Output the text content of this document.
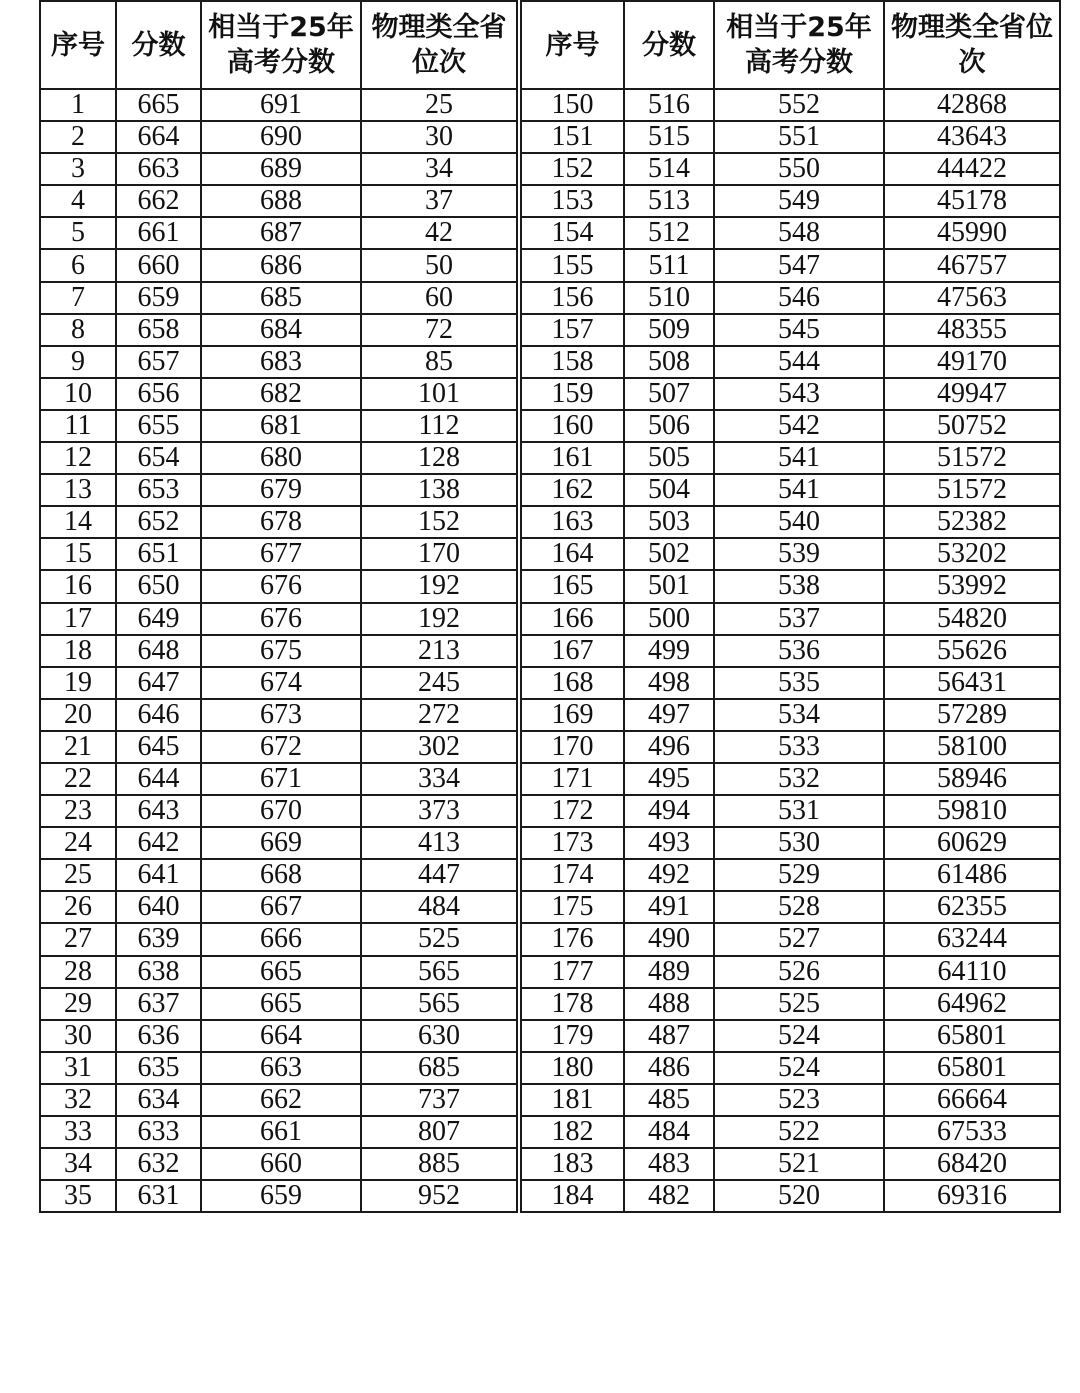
序号	分数	相当于25年高考分数	物理类全省位次	序号	分数	相当于25年高考分数	物理类全省位次
1	665	691	25	150	516	552	42868
2	664	690	30	151	515	551	43643
3	663	689	34	152	514	550	44422
4	662	688	37	153	513	549	45178
5	661	687	42	154	512	548	45990
6	660	686	50	155	511	547	46757
7	659	685	60	156	510	546	47563
8	658	684	72	157	509	545	48355
9	657	683	85	158	508	544	49170
10	656	682	101	159	507	543	49947
11	655	681	112	160	506	542	50752
12	654	680	128	161	505	541	51572
13	653	679	138	162	504	541	51572
14	652	678	152	163	503	540	52382
15	651	677	170	164	502	539	53202
16	650	676	192	165	501	538	53992
17	649	676	192	166	500	537	54820
18	648	675	213	167	499	536	55626
19	647	674	245	168	498	535	56431
20	646	673	272	169	497	534	57289
21	645	672	302	170	496	533	58100
22	644	671	334	171	495	532	58946
23	643	670	373	172	494	531	59810
24	642	669	413	173	493	530	60629
25	641	668	447	174	492	529	61486
26	640	667	484	175	491	528	62355
27	639	666	525	176	490	527	63244
28	638	665	565	177	489	526	64110
29	637	665	565	178	488	525	64962
30	636	664	630	179	487	524	65801
31	635	663	685	180	486	524	65801
32	634	662	737	181	485	523	66664
33	633	661	807	182	484	522	67533
34	632	660	885	183	483	521	68420
35	631	659	952	184	482	520	69316
